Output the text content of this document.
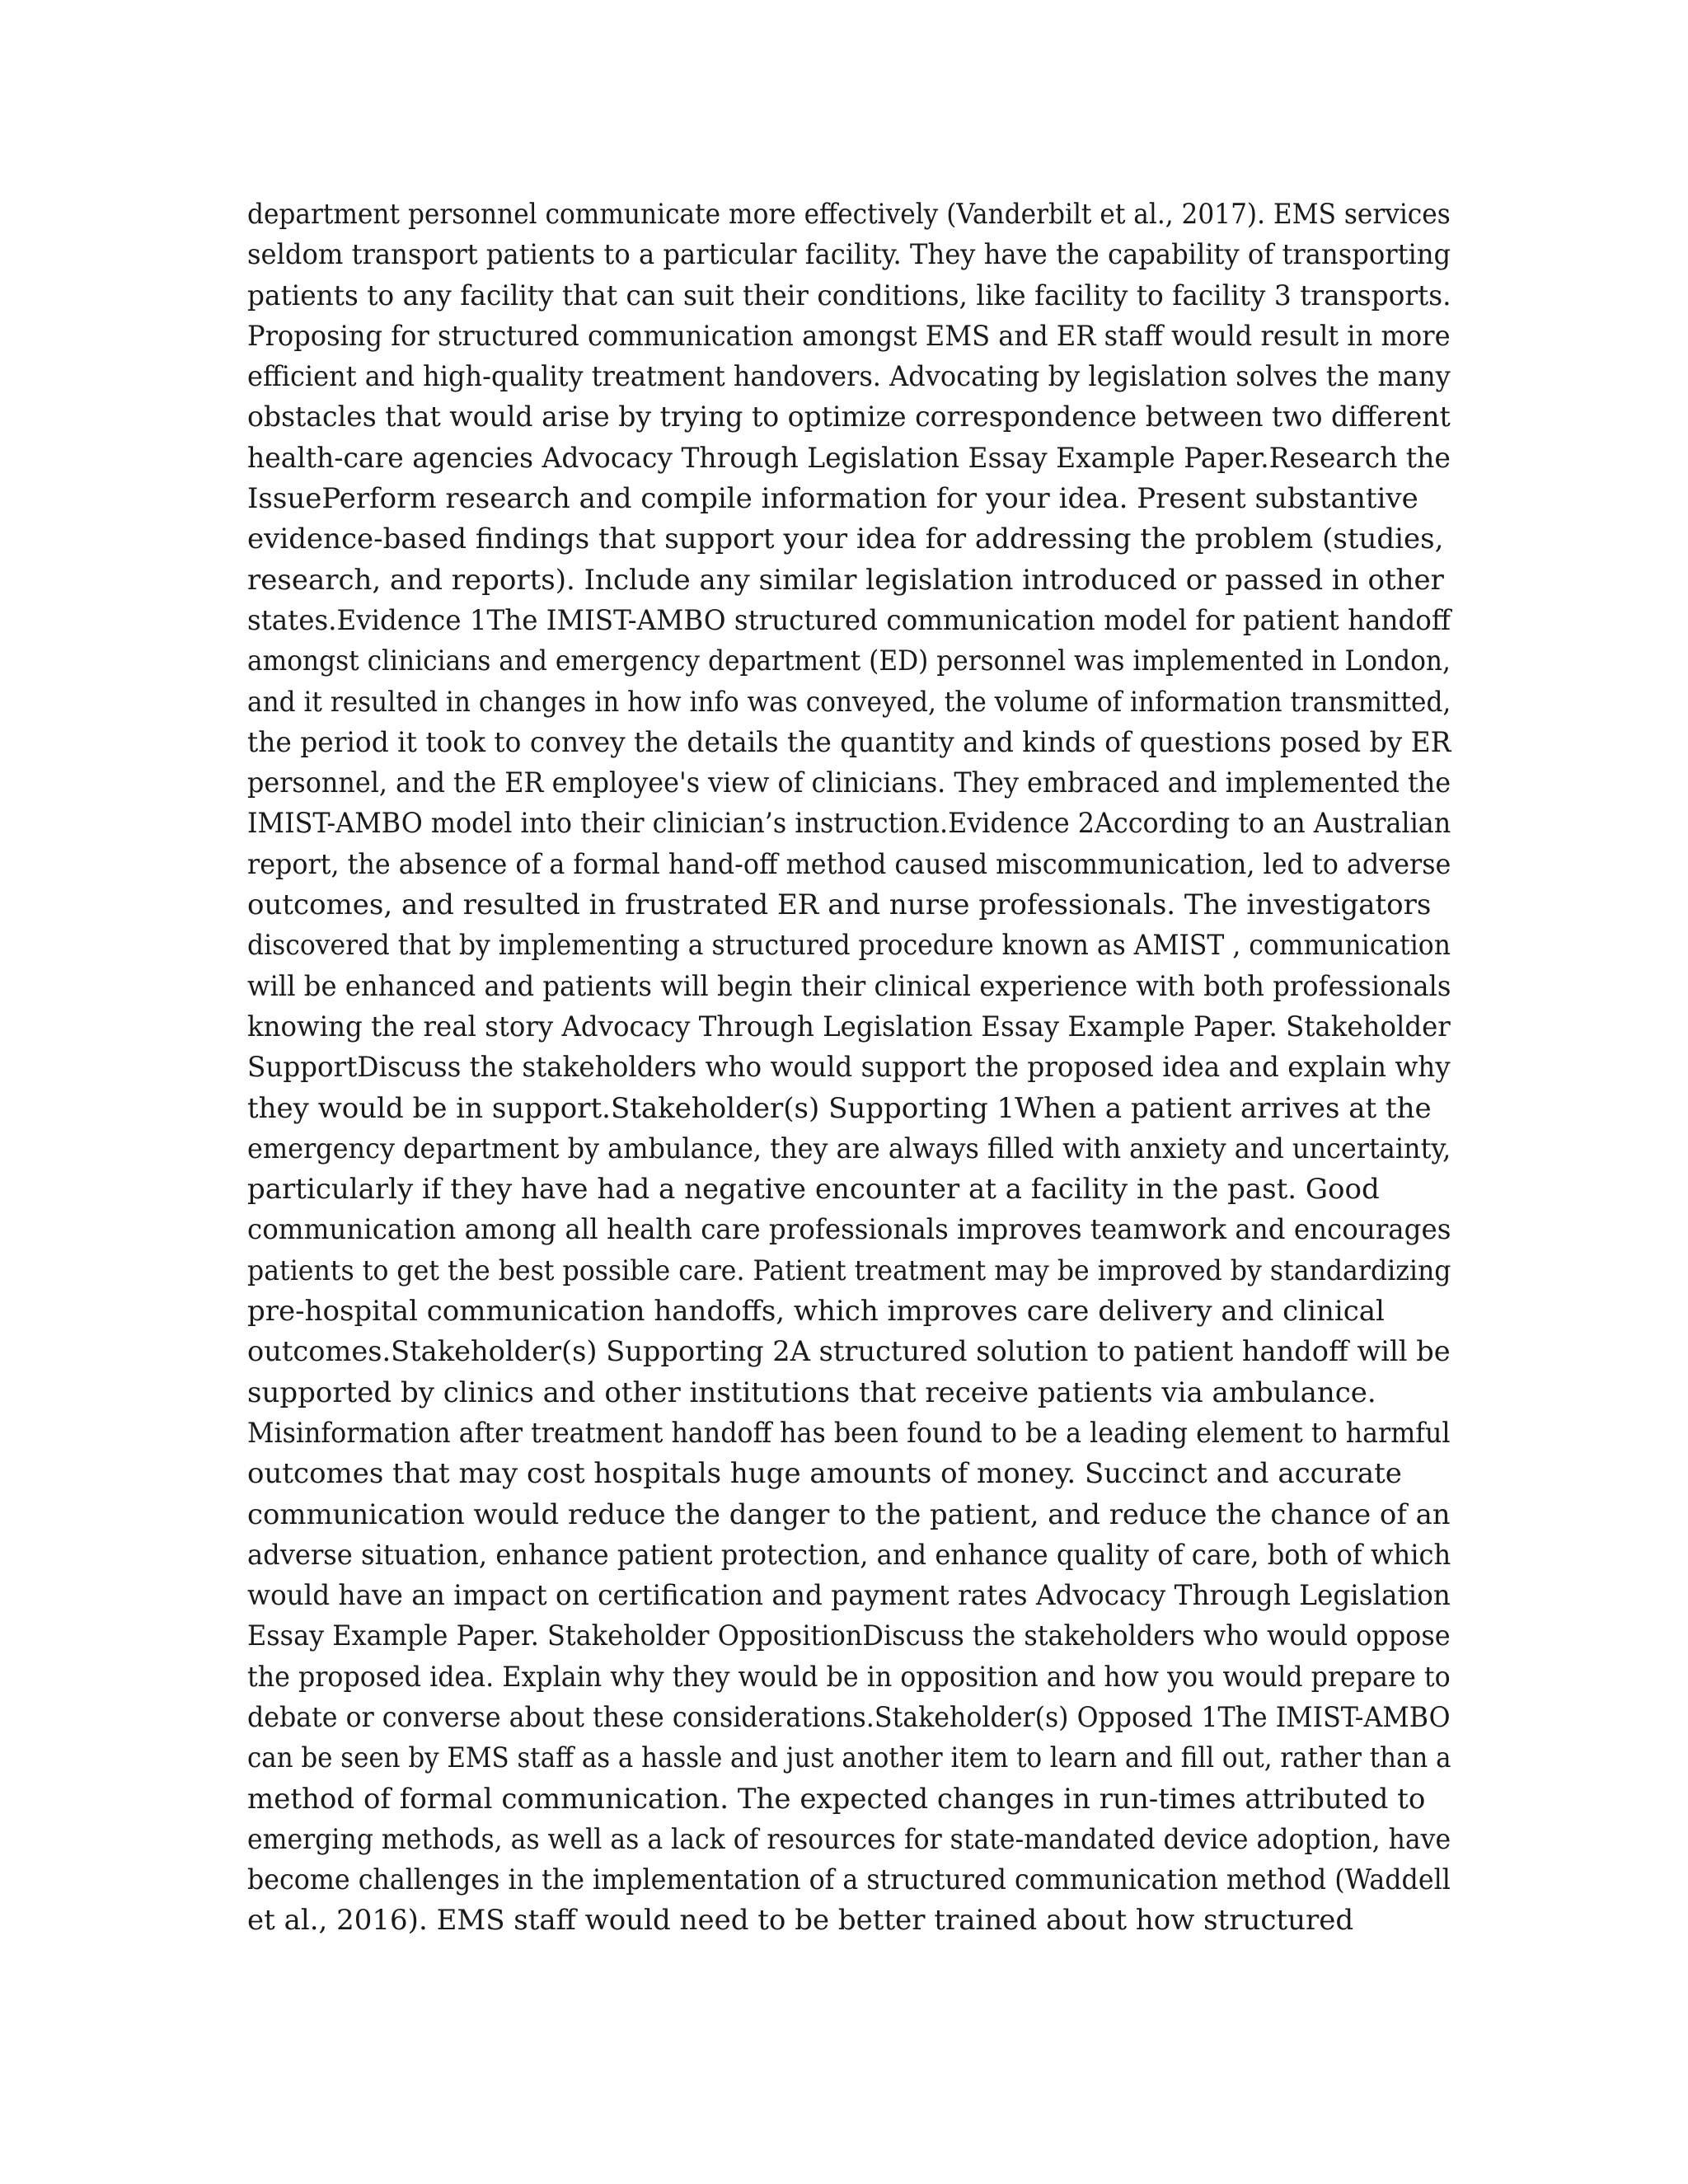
department personnel communicate more effectively (Vanderbilt et al., 2017). EMS services
seldom transport patients to a particular facility. They have the capability of transporting
patients to any facility that can suit their conditions, like facility to facility 3 transports.
Proposing for structured communication amongst EMS and ER staff would result in more
efficient and high-quality treatment handovers. Advocating by legislation solves the many
obstacles that would arise by trying to optimize correspondence between two different
health-care agencies Advocacy Through Legislation Essay Example Paper.Research the
IssuePerform research and compile information for your idea. Present substantive
evidence-based findings that support your idea for addressing the problem (studies,
research, and reports). Include any similar legislation introduced or passed in other
states.Evidence 1The IMIST-AMBO structured communication model for patient handoff
amongst clinicians and emergency department (ED) personnel was implemented in London,
and it resulted in changes in how info was conveyed, the volume of information transmitted,
the period it took to convey the details the quantity and kinds of questions posed by ER
personnel, and the ER employee's view of clinicians. They embraced and implemented the
IMIST-AMBO model into their clinician’s instruction.Evidence 2According to an Australian
report, the absence of a formal hand-off method caused miscommunication, led to adverse
outcomes, and resulted in frustrated ER and nurse professionals. The investigators
discovered that by implementing a structured procedure known as AMIST , communication
will be enhanced and patients will begin their clinical experience with both professionals
knowing the real story Advocacy Through Legislation Essay Example Paper. Stakeholder
SupportDiscuss the stakeholders who would support the proposed idea and explain why
they would be in support.Stakeholder(s) Supporting 1When a patient arrives at the
emergency department by ambulance, they are always filled with anxiety and uncertainty,
particularly if they have had a negative encounter at a facility in the past. Good
communication among all health care professionals improves teamwork and encourages
patients to get the best possible care. Patient treatment may be improved by standardizing
pre-hospital communication handoffs, which improves care delivery and clinical
outcomes.Stakeholder(s) Supporting 2A structured solution to patient handoff will be
supported by clinics and other institutions that receive patients via ambulance.
Misinformation after treatment handoff has been found to be a leading element to harmful
outcomes that may cost hospitals huge amounts of money. Succinct and accurate
communication would reduce the danger to the patient, and reduce the chance of an
adverse situation, enhance patient protection, and enhance quality of care, both of which
would have an impact on certification and payment rates Advocacy Through Legislation
Essay Example Paper. Stakeholder OppositionDiscuss the stakeholders who would oppose
the proposed idea. Explain why they would be in opposition and how you would prepare to
debate or converse about these considerations.Stakeholder(s) Opposed 1The IMIST-AMBO
can be seen by EMS staff as a hassle and just another item to learn and fill out, rather than a
method of formal communication. The expected changes in run-times attributed to
emerging methods, as well as a lack of resources for state-mandated device adoption, have
become challenges in the implementation of a structured communication method (Waddell
et al., 2016). EMS staff would need to be better trained about how structured
